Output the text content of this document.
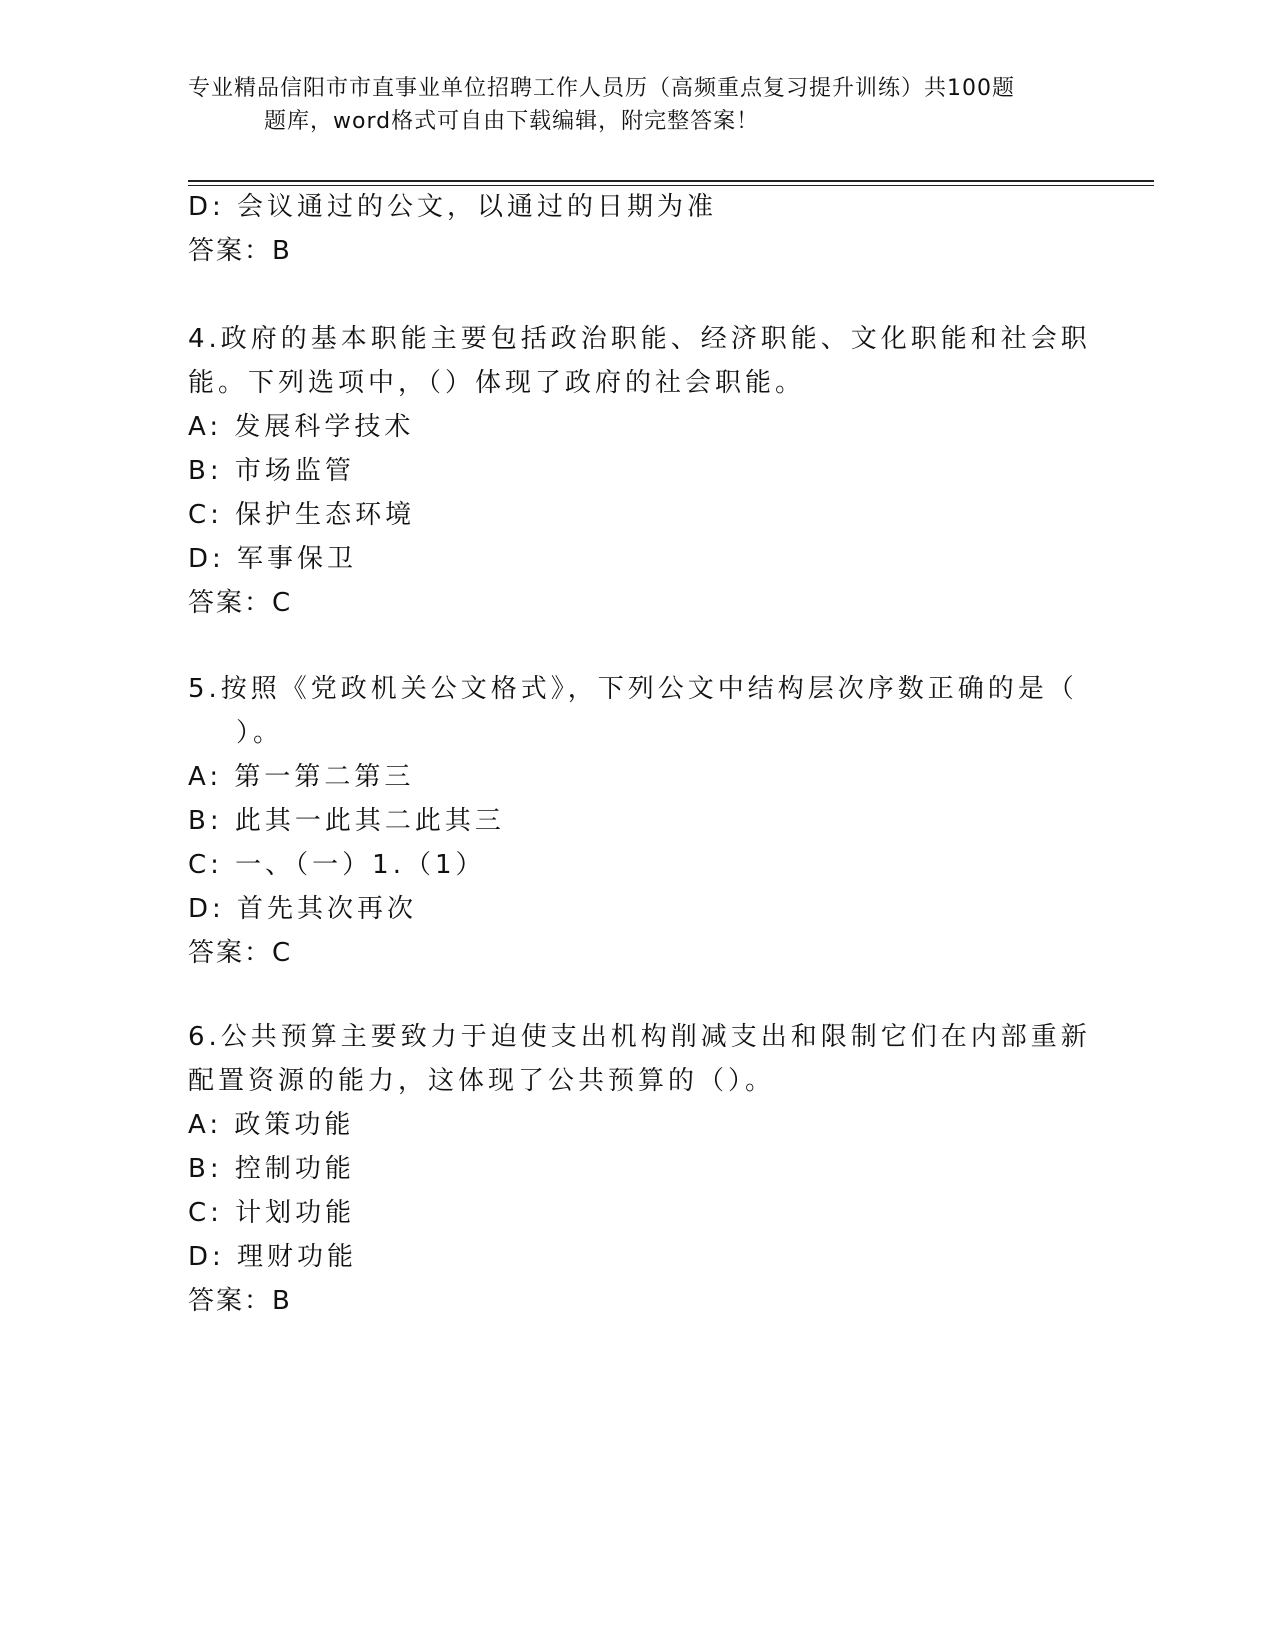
专业精品信阳市市直事业单位招聘工作人员历（高频重点复习提升训练）共100题
题库，word格式可自由下载编辑，附完整答案！
D: 会议通过的公文，以通过的日期为准
答案：B
4.政府的基本职能主要包括政治职能、经济职能、文化职能和社会职
能。下列选项中，（）体现了政府的社会职能。
A: 发展科学技术
B: 市场监管
C: 保护生态环境
D: 军事保卫
答案：C
5.按照《党政机关公文格式》，下列公文中结构层次序数正确的是（
）。
A: 第一第二第三
B: 此其一此其二此其三
C: 一、（一）1.（1）
D: 首先其次再次
答案：C
6.公共预算主要致力于迫使支出机构削减支出和限制它们在内部重新
配置资源的能力，这体现了公共预算的（）。
A: 政策功能
B: 控制功能
C: 计划功能
D: 理财功能
答案：B
